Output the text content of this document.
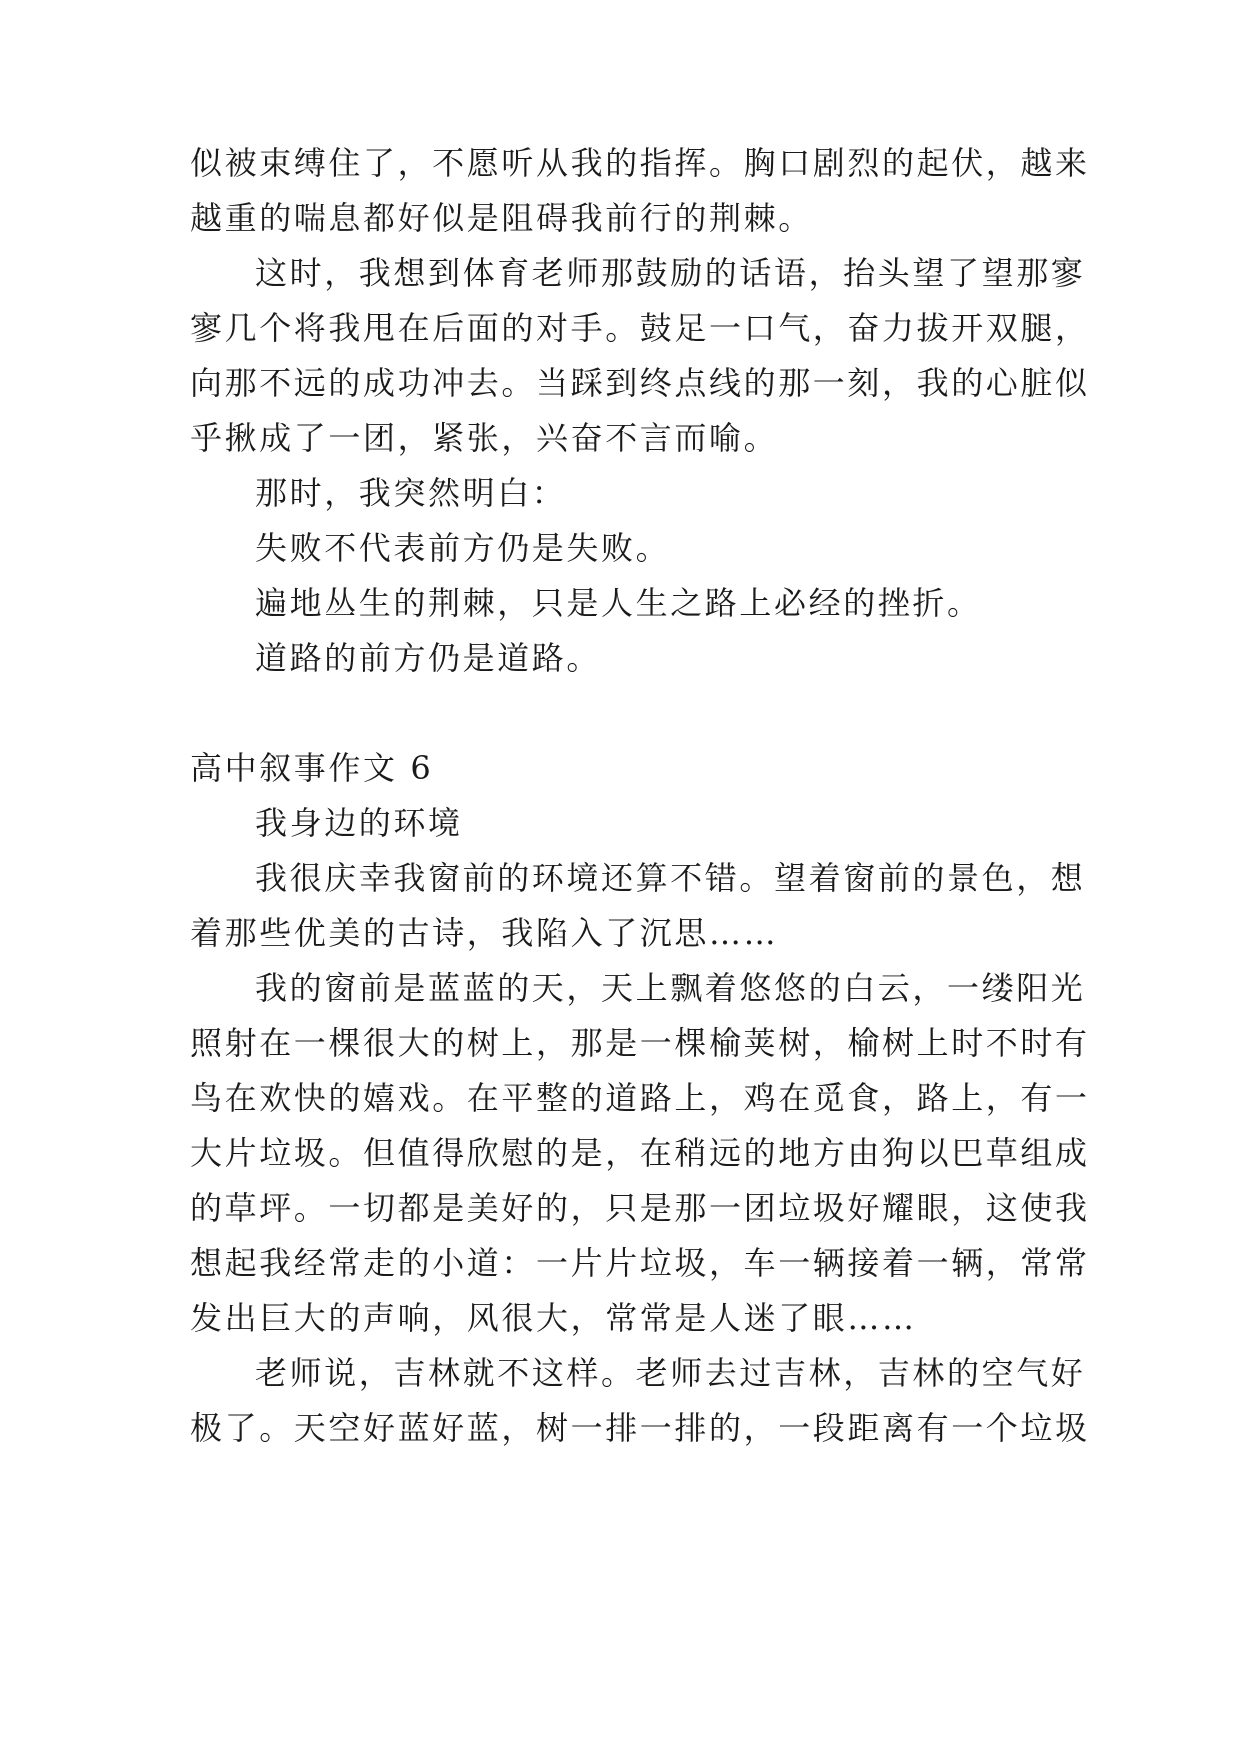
似被束缚住了，不愿听从我的指挥。胸口剧烈的起伏，越来
越重的喘息都好似是阻碍我前行的荆棘。
这时，我想到体育老师那鼓励的话语，抬头望了望那寥
寥几个将我甩在后面的对手。鼓足一口气，奋力拔开双腿，
向那不远的成功冲去。当踩到终点线的那一刻，我的心脏似
乎揪成了一团，紧张，兴奋不言而喻。
那时，我突然明白：
失败不代表前方仍是失败。
遍地丛生的荆棘，只是人生之路上必经的挫折。
道路的前方仍是道路。
高中叙事作文 6
我身边的环境
我很庆幸我窗前的环境还算不错。望着窗前的景色，想
着那些优美的古诗，我陷入了沉思……
我的窗前是蓝蓝的天，天上飘着悠悠的白云，一缕阳光
照射在一棵很大的树上，那是一棵榆荚树，榆树上时不时有
鸟在欢快的嬉戏。在平整的道路上，鸡在觅食，路上，有一
大片垃圾。但值得欣慰的是，在稍远的地方由狗以巴草组成
的草坪。一切都是美好的，只是那一团垃圾好耀眼，这使我
想起我经常走的小道：一片片垃圾，车一辆接着一辆，常常
发出巨大的声响，风很大，常常是人迷了眼……
老师说，吉林就不这样。老师去过吉林，吉林的空气好
极了。天空好蓝好蓝，树一排一排的，一段距离有一个垃圾
